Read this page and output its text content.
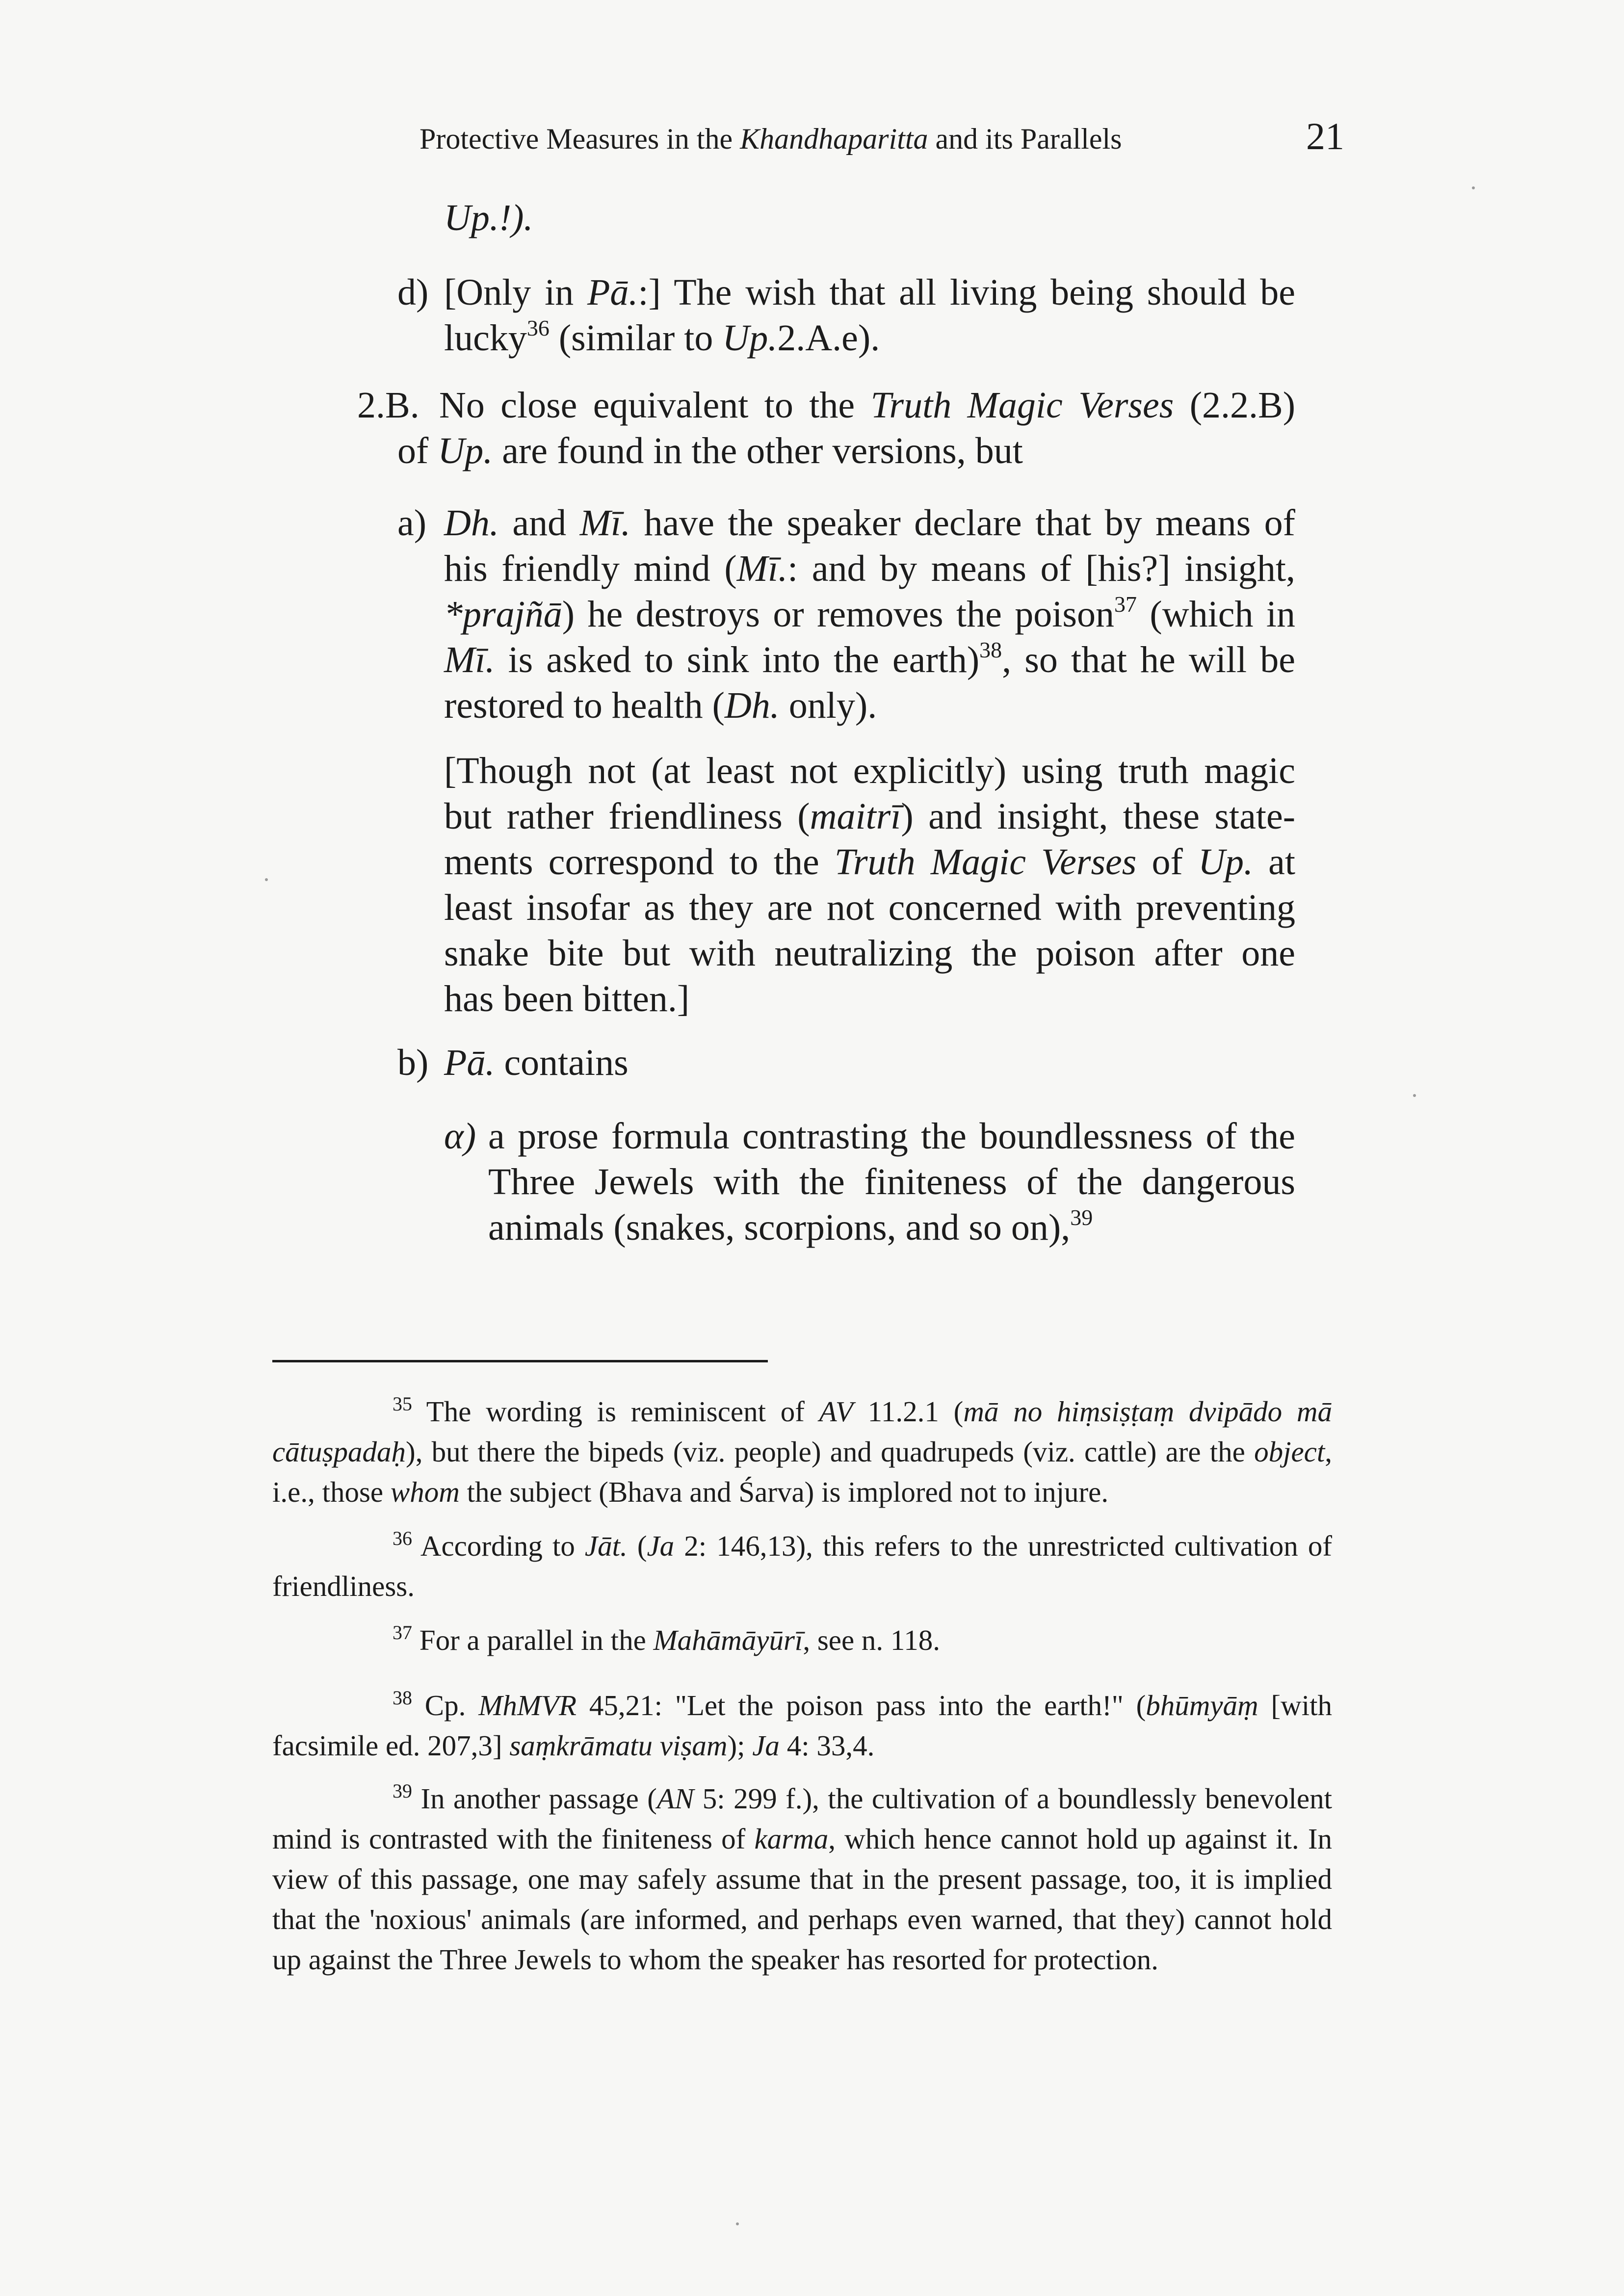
Protective Measures in the Khandhaparitta and its Parallels	21
Up.!).
d) [Only in Pā.:] The wish that all living being should be
lucky$^{36}$ (similar to Up.2.A.e).
2.B. No close equivalent to the Truth Magic Verses (2.2.B)
of Up. are found in the other versions, but
a) Dh. and Mī. have the speaker declare that by means of
his friendly mind (Mī.: and by means of [his?] insight,
*prajñā) he destroys or removes the poison$^{37}$ (which in
Mī. is asked to sink into the earth)$^{38}$, so that he will be
restored to health (Dh. only).
[Though not (at least not explicitly) using truth magic
but rather friendliness (maitrī) and insight, these state-
ments correspond to the Truth Magic Verses of Up. at
least insofar as they are not concerned with preventing
snake bite but with neutralizing the poison after one
has been bitten.]
b) Pā. contains
α) a prose formula contrasting the boundlessness of the
Three Jewels with the finiteness of the dangerous
animals (snakes, scorpions, and so on),$^{39}$
$^{35}$ The wording is reminiscent of AV 11.2.1 (mā no hiṃsiṣṭaṃ dvipādo mā cātuṣpadaḥ), but there the bipeds (viz. people) and quadrupeds (viz. cattle) are the object, i.e., those whom the subject (Bhava and Śarva) is implored not to injure.
$^{36}$ According to Jāt. (Ja 2: 146,13), this refers to the unrestricted cultivation of friendliness.
$^{37}$ For a parallel in the Mahāmāyūrī, see n. 118.
$^{38}$ Cp. MhMVR 45,21: "Let the poison pass into the earth!" (bhūmyāṃ [with facsimile ed. 207,3] saṃkrāmatu viṣam); Ja 4: 33,4.
$^{39}$ In another passage (AN 5: 299 f.), the cultivation of a boundlessly benevolent mind is contrasted with the finiteness of karma, which hence cannot hold up against it. In view of this passage, one may safely assume that in the present passage, too, it is implied that the 'noxious' animals (are informed, and perhaps even warned, that they) cannot hold up against the Three Jewels to whom the speaker has resorted for protection.
